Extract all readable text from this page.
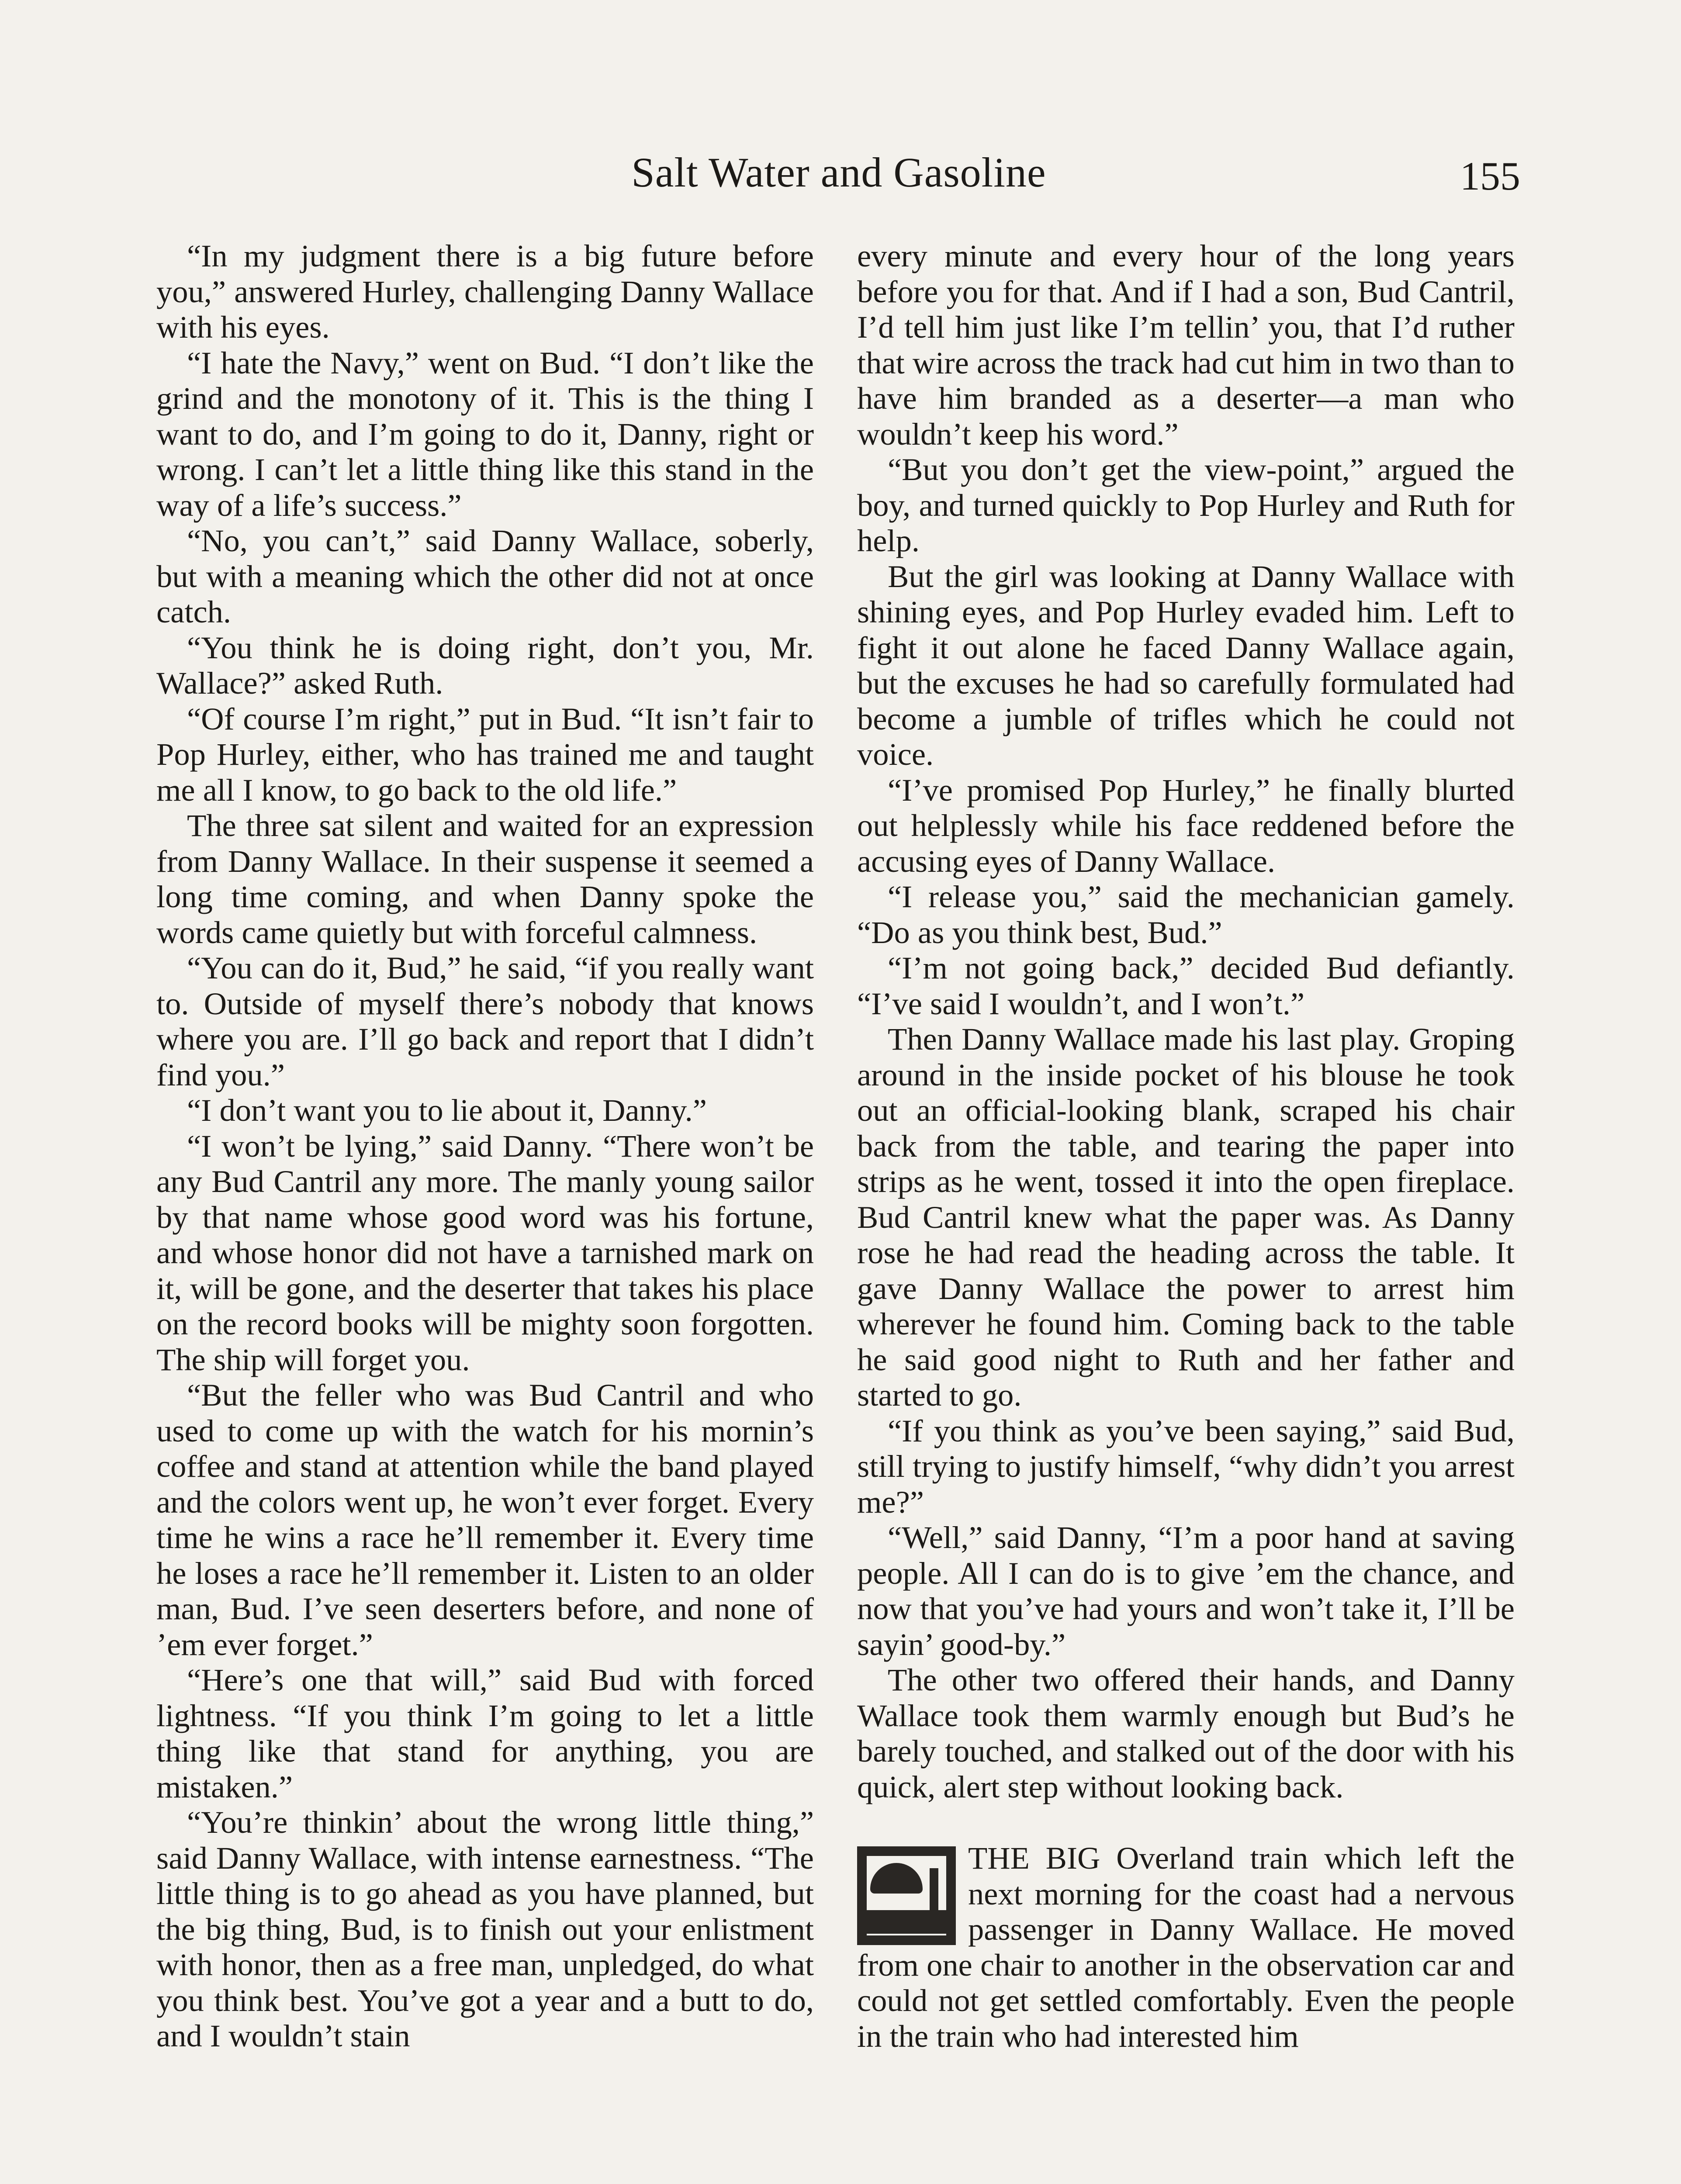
Salt Water and Gasoline	155

“In my judgment there is a big future before you,” answered Hurley, challenging Danny Wallace with his eyes.

“I hate the Navy,” went on Bud. “I don’t like the grind and the monotony of it. This is the thing I want to do, and I’m going to do it, Danny, right or wrong. I can’t let a little thing like this stand in the way of a life’s success.”

“No, you can’t,” said Danny Wallace, soberly, but with a meaning which the other did not at once catch.

“You think he is doing right, don’t you, Mr. Wallace?” asked Ruth.

“Of course I’m right,” put in Bud. “It isn’t fair to Pop Hurley, either, who has trained me and taught me all I know, to go back to the old life.”

The three sat silent and waited for an expression from Danny Wallace. In their suspense it seemed a long time coming, and when Danny spoke the words came quietly but with forceful calmness.

“You can do it, Bud,” he said, “if you really want to. Outside of myself there’s nobody that knows where you are. I’ll go back and report that I didn’t find you.”

“I don’t want you to lie about it, Danny.”

“I won’t be lying,” said Danny. “There won’t be any Bud Cantril any more. The manly young sailor by that name whose good word was his fortune, and whose honor did not have a tarnished mark on it, will be gone, and the deserter that takes his place on the record books will be mighty soon forgotten. The ship will forget you.

“But the feller who was Bud Cantril and who used to come up with the watch for his mornin’s coffee and stand at attention while the band played and the colors went up, he won’t ever forget. Every time he wins a race he’ll remember it. Every time he loses a race he’ll remember it. Listen to an older man, Bud. I’ve seen deserters before, and none of ’em ever forget.”

“Here’s one that will,” said Bud with forced lightness. “If you think I’m going to let a little thing like that stand for anything, you are mistaken.”

“You’re thinkin’ about the wrong little thing,” said Danny Wallace, with intense earnestness. “The little thing is to go ahead as you have planned, but the big thing, Bud, is to finish out your enlistment with honor, then as a free man, unpledged, do what you think best. You’ve got a year and a butt to do, and I wouldn’t stain

every minute and every hour of the long years before you for that. And if I had a son, Bud Cantril, I’d tell him just like I’m tellin’ you, that I’d ruther that wire across the track had cut him in two than to have him branded as a deserter—a man who wouldn’t keep his word.”

“But you don’t get the view-point,” argued the boy, and turned quickly to Pop Hurley and Ruth for help.

But the girl was looking at Danny Wallace with shining eyes, and Pop Hurley evaded him. Left to fight it out alone he faced Danny Wallace again, but the excuses he had so carefully formulated had become a jumble of trifles which he could not voice.

“I’ve promised Pop Hurley,” he finally blurted out helplessly while his face reddened before the accusing eyes of Danny Wallace.

“I release you,” said the mechanician gamely. “Do as you think best, Bud.”

“I’m not going back,” decided Bud defiantly. “I’ve said I wouldn’t, and I won’t.”

Then Danny Wallace made his last play. Groping around in the inside pocket of his blouse he took out an official-looking blank, scraped his chair back from the table, and tearing the paper into strips as he went, tossed it into the open fireplace. Bud Cantril knew what the paper was. As Danny rose he had read the heading across the table. It gave Danny Wallace the power to arrest him wherever he found him. Coming back to the table he said good night to Ruth and her father and started to go.

“If you think as you’ve been saying,” said Bud, still trying to justify himself, “why didn’t you arrest me?”

“Well,” said Danny, “I’m a poor hand at saving people. All I can do is to give ’em the chance, and now that you’ve had yours and won’t take it, I’ll be sayin’ good-by.”

The other two offered their hands, and Danny Wallace took them warmly enough but Bud’s he barely touched, and stalked out of the door with his quick, alert step without looking back.

THE BIG Overland train which left the next morning for the coast had a nervous passenger in Danny Wallace. He moved from one chair to another in the observation car and could not get settled comfortably. Even the people in the train who had interested him
